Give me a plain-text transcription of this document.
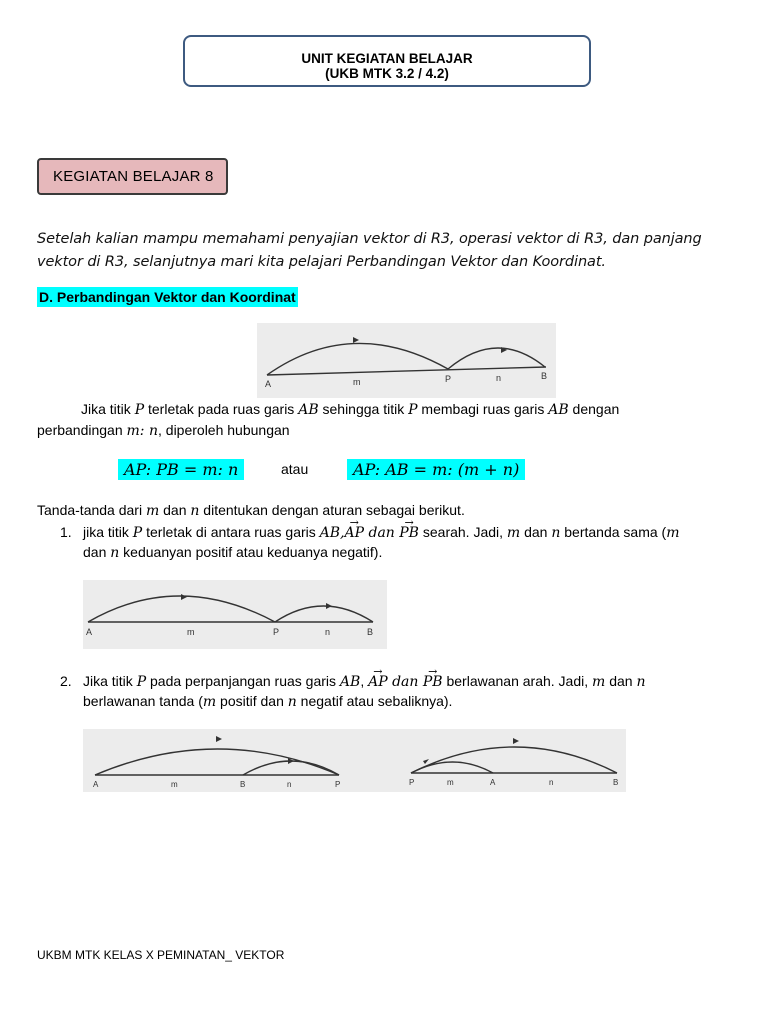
UNIT KEGIATAN BELAJAR
(UKB MTK 3.2 / 4.2)
KEGIATAN BELAJAR 8
Setelah kalian mampu memahami penyajian vektor di R3, operasi vektor di R3, dan panjang
vektor di R3, selanjutnya mari kita pelajari Perbandingan Vektor dan Koordinat.
D. Perbandingan Vektor dan Koordinat
A	m	P	n	B
Jika titik P terletak pada ruas garis AB sehingga titik P membagi ruas garis AB dengan
perbandingan m: n, diperoleh hubungan
AP: PB = m: n	atau	AP: AB = m: (m + n)
Tanda-tanda dari m dan n ditentukan dengan aturan sebagai berikut.
1. jika titik P terletak di antara ruas garis AB,→ AP dan → PB searah. Jadi, m dan n bertanda sama (m
dan n keduanyan positif atau keduanya negatif).
A	m	P	n	B
2. Jika titik P pada perpanjangan ruas garis AB, → AP dan → PB berlawanan arah. Jadi, m dan n
berlawanan tanda (m positif dan n negatif atau sebaliknya).
A	m	B	n	P	P	m	A	n	B
UKBM MTK KELAS X PEMINATAN_ VEKTOR
